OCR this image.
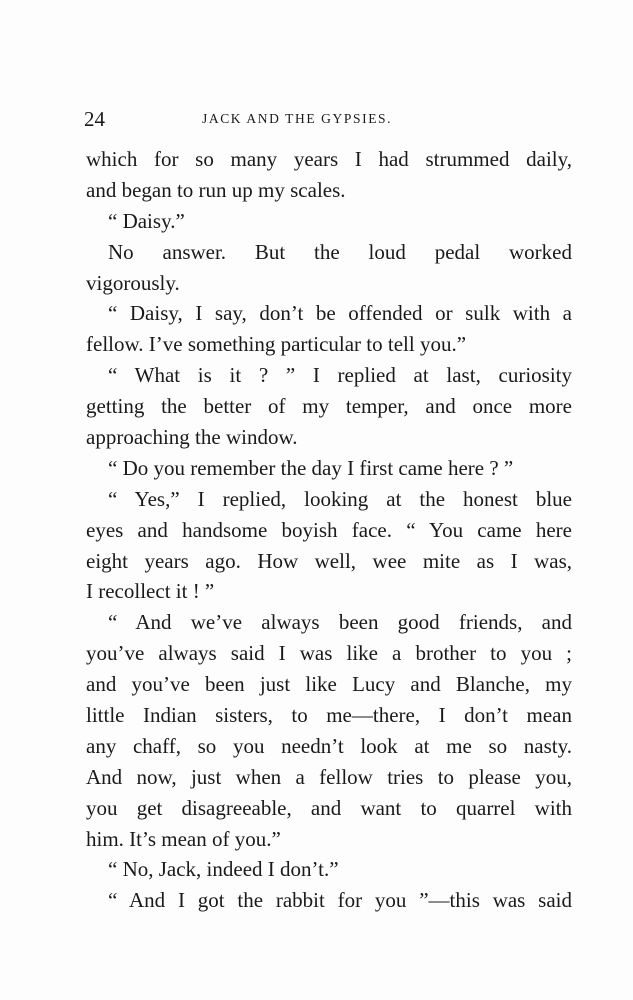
24	JACK AND THE GYPSIES.
which for so many years I had strummed daily,
and began to run up my scales.
“ Daisy.”
No answer. But the loud pedal worked
vigorously.
“ Daisy, I say, don’t be offended or sulk with a
fellow. I’ve something particular to tell you.”
“ What is it ? ” I replied at last, curiosity
getting the better of my temper, and once more
approaching the window.
“ Do you remember the day I first came here ? ”
“ Yes,” I replied, looking at the honest blue
eyes and handsome boyish face. “ You came here
eight years ago. How well, wee mite as I was,
I recollect it ! ”
“ And we’ve always been good friends, and
you’ve always said I was like a brother to you ;
and you’ve been just like Lucy and Blanche, my
little Indian sisters, to me—there, I don’t mean
any chaff, so you needn’t look at me so nasty.
And now, just when a fellow tries to please you,
you get disagreeable, and want to quarrel with
him. It’s mean of you.”
“ No, Jack, indeed I don’t.”
“ And I got the rabbit for you ”—this was said
